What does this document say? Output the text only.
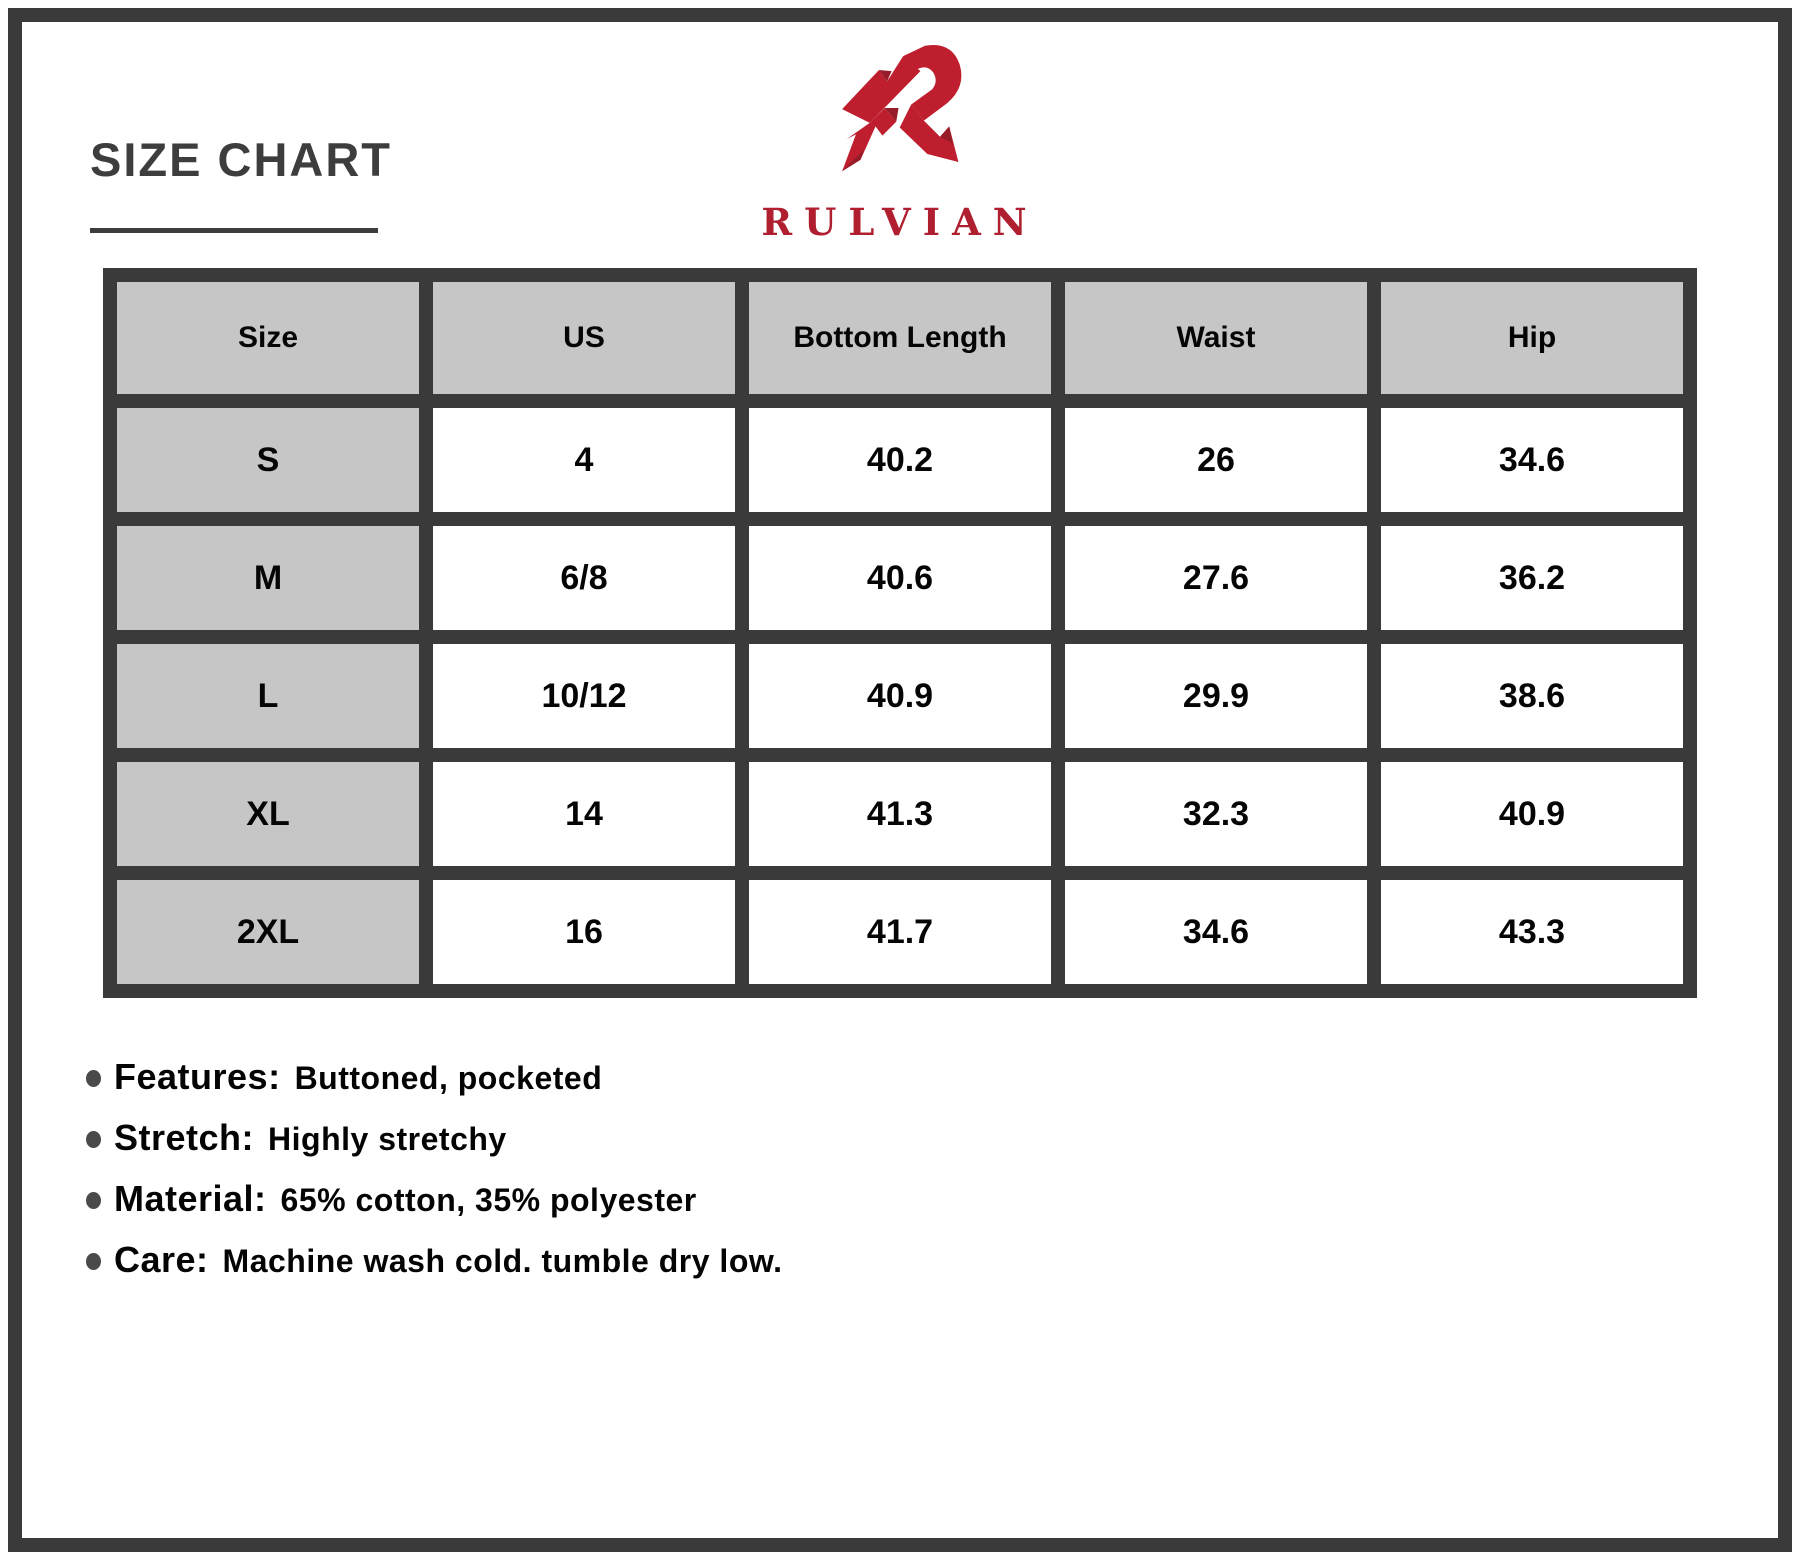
SIZE CHART
RULVIAN
Size	US	Bottom Length	Waist	Hip
S	4	40.2	26	34.6
M	6/8	40.6	27.6	36.2
L	10/12	40.9	29.9	38.6
XL	14	41.3	32.3	40.9
2XL	16	41.7	34.6	43.3
Features: Buttoned, pocketed
Stretch: Highly stretchy
Material: 65% cotton, 35% polyester
Care: Machine wash cold. tumble dry low.
